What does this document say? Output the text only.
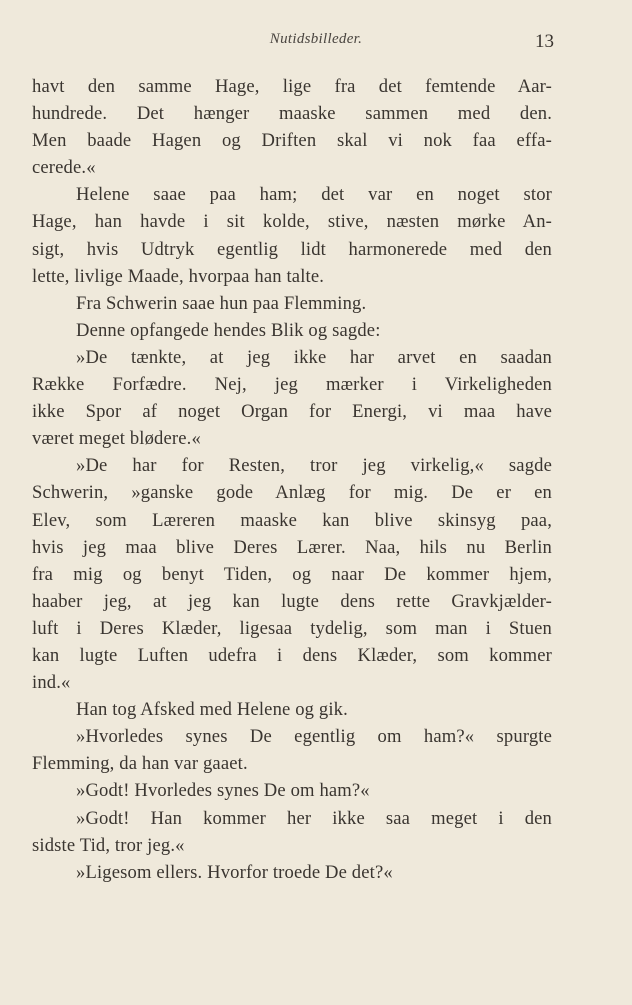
Nutidsbilleder.	13
havt den samme Hage, lige fra det femtende Aar-
hundrede. Det hænger maaske sammen med den.
Men baade Hagen og Driften skal vi nok faa effa-
cerede.«
Helene saae paa ham; det var en noget stor
Hage, han havde i sit kolde, stive, næsten mørke An-
sigt, hvis Udtryk egentlig lidt harmonerede med den
lette, livlige Maade, hvorpaa han talte.
Fra Schwerin saae hun paa Flemming.
Denne opfangede hendes Blik og sagde:
»De tænkte, at jeg ikke har arvet en saadan
Række Forfædre. Nej, jeg mærker i Virkeligheden
ikke Spor af noget Organ for Energi, vi maa have
været meget blødere.«
»De har for Resten, tror jeg virkelig,« sagde
Schwerin, »ganske gode Anlæg for mig. De er en
Elev, som Læreren maaske kan blive skinsyg paa,
hvis jeg maa blive Deres Lærer. Naa, hils nu Berlin
fra mig og benyt Tiden, og naar De kommer hjem,
haaber jeg, at jeg kan lugte dens rette Gravkjælder-
luft i Deres Klæder, ligesaa tydelig, som man i Stuen
kan lugte Luften udefra i dens Klæder, som kommer
ind.«
Han tog Afsked med Helene og gik.
»Hvorledes synes De egentlig om ham?« spurgte
Flemming, da han var gaaet.
»Godt! Hvorledes synes De om ham?«
»Godt! Han kommer her ikke saa meget i den
sidste Tid, tror jeg.«
»Ligesom ellers. Hvorfor troede De det?«
